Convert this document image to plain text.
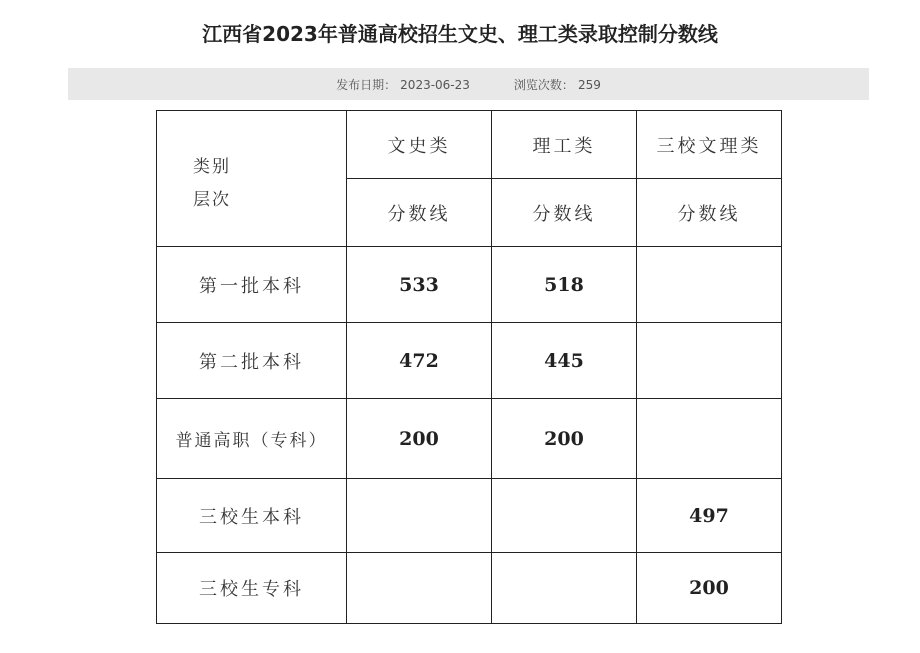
江西省2023年普通高校招生文史、理工类录取控制分数线
发布日期： 2023-06-23	浏览次数： 259
类别
层次	文史类	理工类	三校文理类
	分数线	分数线	分数线
第一批本科	533	518	
第二批本科	472	445	
普通高职（专科）	200	200	
三校生本科			497
三校生专科			200
